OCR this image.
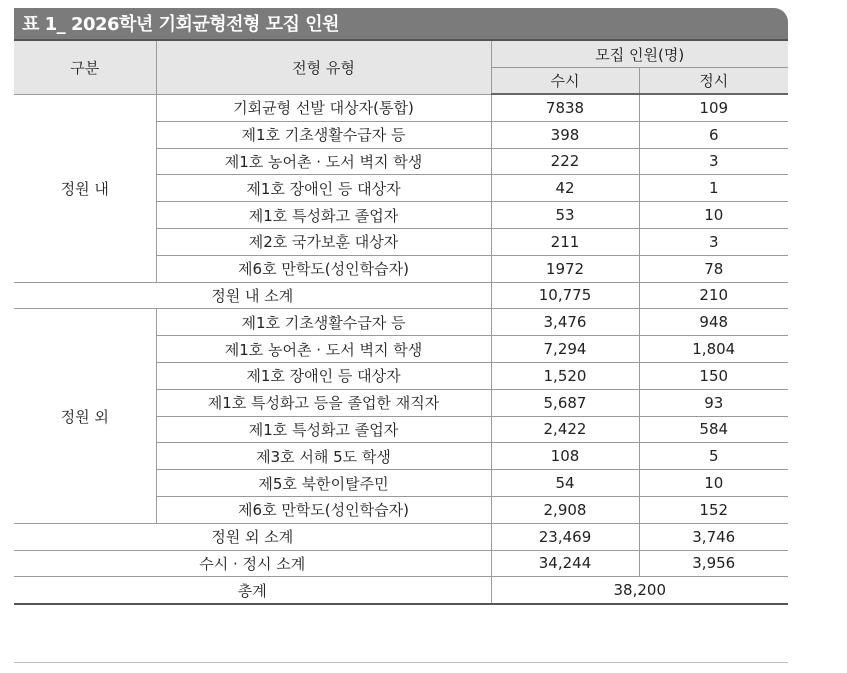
표 1_ 2026학년 기회균형전형 모집 인원
구분	전형 유형	모집 인원(명)	
		수시	정시
정원 내	기회균형 선발 대상자(통합)	7838	109
	제1호 기초생활수급자 등	398	6
	제1호 농어촌 · 도서 벽지 학생	222	3
	제1호 장애인 등 대상자	42	1
	제1호 특성화고 졸업자	53	10
	제2호 국가보훈 대상자	211	3
	제6호 만학도(성인학습자)	1972	78
정원 내 소계		10,775	210
정원 외	제1호 기초생활수급자 등	3,476	948
	제1호 농어촌 · 도서 벽지 학생	7,294	1,804
	제1호 장애인 등 대상자	1,520	150
	제1호 특성화고 등을 졸업한 재직자	5,687	93
	제1호 특성화고 졸업자	2,422	584
	제3호 서해 5도 학생	108	5
	제5호 북한이탈주민	54	10
	제6호 만학도(성인학습자)	2,908	152
정원 외 소계		23,469	3,746
수시 · 정시 소계		34,244	3,956
총계		38,200	
